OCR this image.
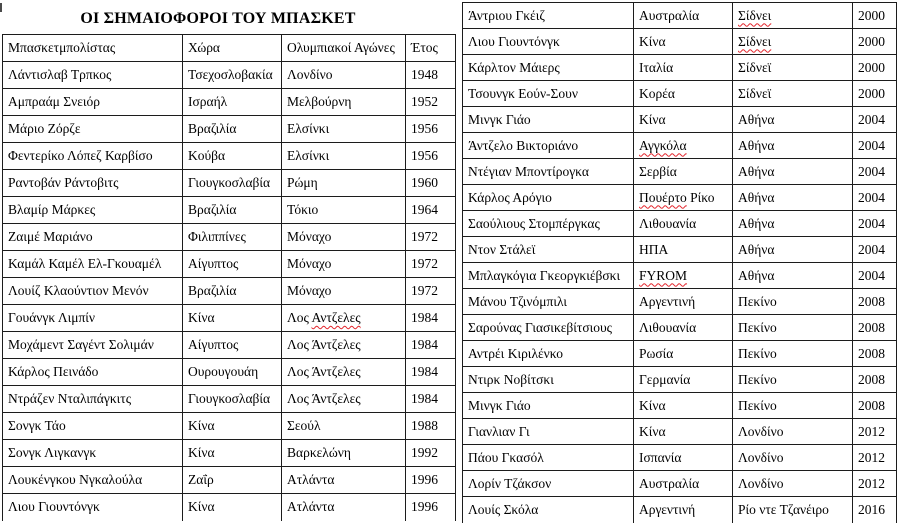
ΟΙ ΣΗΜΑΙΟΦΟΡΟΙ ΤΟΥ ΜΠΑΣΚΕΤ
Μπασκετμπολίστας	Χώρα	Ολυμπιακοί Αγώνες	Έτος
Λάντισλαβ Τρπκος	Τσεχοσλοβακία	Λονδίνο	1948
Αμπραάμ Σνειόρ	Ισραήλ	Μελβούρνη	1952
Μάριο Ζόρζε	Βραζιλία	Ελσίνκι	1956
Φεντερίκο Λόπεζ Καρβίσο	Κούβα	Ελσίνκι	1956
Ραντοβάν Ράντοβιτς	Γιουγκοσλαβία	Ρώμη	1960
Βλαμίρ Μάρκες	Βραζιλία	Τόκιο	1964
Ζαιμέ Μαριάνο	Φιλιππίνες	Μόναχο	1972
Καμάλ Καμέλ Ελ-Γκουαμέλ	Αίγυπτος	Μόναχο	1972
Λουίζ Κλαούντιον Μενόν	Βραζιλία	Μόναχο	1972
Γουάνγκ Λιμπίν	Κίνα	Λος Αντζελες	1984
Μοχάμεντ Σαγέντ Σολιμάν	Αίγυπτος	Λος Άντζελες	1984
Κάρλος Πεινάδο	Ουρουγουάη	Λος Άντζελες	1984
Ντράζεν Νταλιπάγκιτς	Γιουγκοσλαβία	Λος Άντζελες	1984
Σονγκ Τάο	Κίνα	Σεούλ	1988
Σονγκ Λιγκανγκ	Κίνα	Βαρκελώνη	1992
Λουκένγκου Νγκαλούλα	Ζαΐρ	Ατλάντα	1996
Λιου Γιουντόνγκ	Κίνα	Ατλάντα	1996
Άντριου Γκέιζ	Αυστραλία	Σίδνει	2000
Λιου Γιουντόνγκ	Κίνα	Σίδνει	2000
Κάρλτον Μάιερς	Ιταλία	Σίδνεϊ	2000
Τσουνγκ Εούν-Σουν	Κορέα	Σίδνεϊ	2000
Μινγκ Γιάο	Κίνα	Αθήνα	2004
Άντζελο Βικτοριάνο	Αγγκόλα	Αθήνα	2004
Ντέγιαν Μποντίρογκα	Σερβία	Αθήνα	2004
Κάρλος Αρόγιο	Πουέρτο Ρίκο	Αθήνα	2004
Σαούλιους Στομπέργκας	Λιθουανία	Αθήνα	2004
Ντον Στάλεϊ	ΗΠΑ	Αθήνα	2004
Μπλαγκόγια Γκεοργκιέβσκι	FYROM	Αθήνα	2004
Μάνου Τζινόμπιλι	Αργεντινή	Πεκίνο	2008
Σαρούνας Γιασικεβίτσιους	Λιθουανία	Πεκίνο	2008
Αντρέι Κιριλένκο	Ρωσία	Πεκίνο	2008
Ντιρκ Νοβίτσκι	Γερμανία	Πεκίνο	2008
Μινγκ Γιάο	Κίνα	Πεκίνο	2008
Γιανλιαν Γι	Κίνα	Λονδίνο	2012
Πάου Γκασόλ	Ισπανία	Λονδίνο	2012
Λορίν Τζάκσον	Αυστραλία	Λονδίνο	2012
Λουίς Σκόλα	Αργεντινή	Ρίο ντε Τζανέιρο	2016
